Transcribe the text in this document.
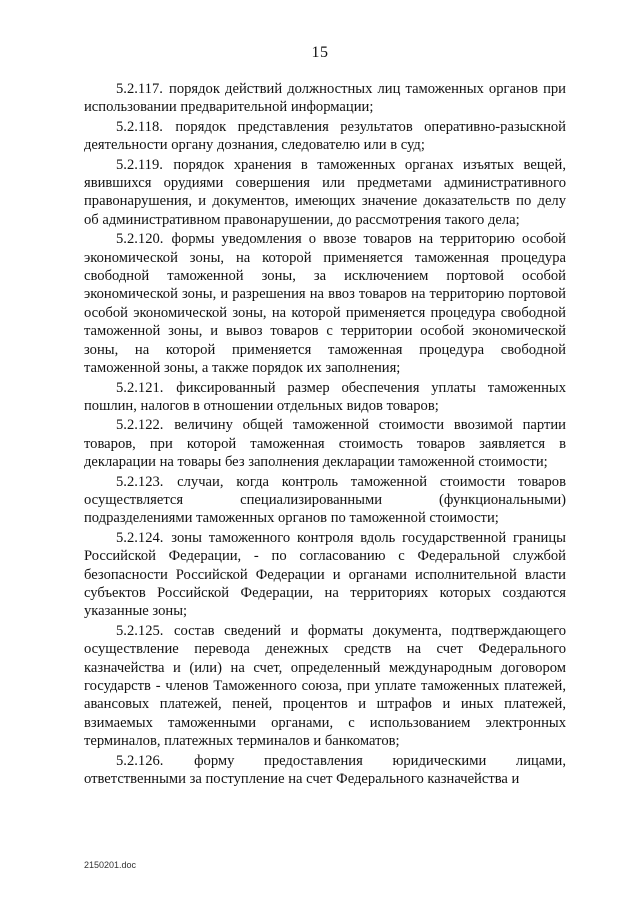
15

5.2.117. порядок действий должностных лиц таможенных органов при использовании предварительной информации;

5.2.118. порядок представления результатов оперативно-разыскной деятельности органу дознания, следователю или в суд;

5.2.119. порядок хранения в таможенных органах изъятых вещей, явившихся орудиями совершения или предметами административного правонарушения, и документов, имеющих значение доказательств по делу об административном правонарушении, до рассмотрения такого дела;

5.2.120. формы уведомления о ввозе товаров на территорию особой экономической зоны, на которой применяется таможенная процедура свободной таможенной зоны, за исключением портовой особой экономической зоны, и разрешения на ввоз товаров на территорию портовой особой экономической зоны, на которой применяется процедура свободной таможенной зоны, и вывоз товаров с территории особой экономической зоны, на которой применяется таможенная процедура свободной таможенной зоны, а также порядок их заполнения;

5.2.121. фиксированный размер обеспечения уплаты таможенных пошлин, налогов в отношении отдельных видов товаров;

5.2.122. величину общей таможенной стоимости ввозимой партии товаров, при которой таможенная стоимость товаров заявляется в декларации на товары без заполнения декларации таможенной стоимости;

5.2.123. случаи, когда контроль таможенной стоимости товаров осуществляется специализированными (функциональными) подразделениями таможенных органов по таможенной стоимости;

5.2.124. зоны таможенного контроля вдоль государственной границы Российской Федерации, - по согласованию с Федеральной службой безопасности Российской Федерации и органами исполнительной власти субъектов Российской Федерации, на территориях которых создаются указанные зоны;

5.2.125. состав сведений и форматы документа, подтверждающего осуществление перевода денежных средств на счет Федерального казначейства и (или) на счет, определенный международным договором государств - членов Таможенного союза, при уплате таможенных платежей, авансовых платежей, пеней, процентов и штрафов и иных платежей, взимаемых таможенными органами, с использованием электронных терминалов, платежных терминалов и банкоматов;

5.2.126. форму предоставления юридическими лицами, ответственными за поступление на счет Федерального казначейства и

2150201.doc
